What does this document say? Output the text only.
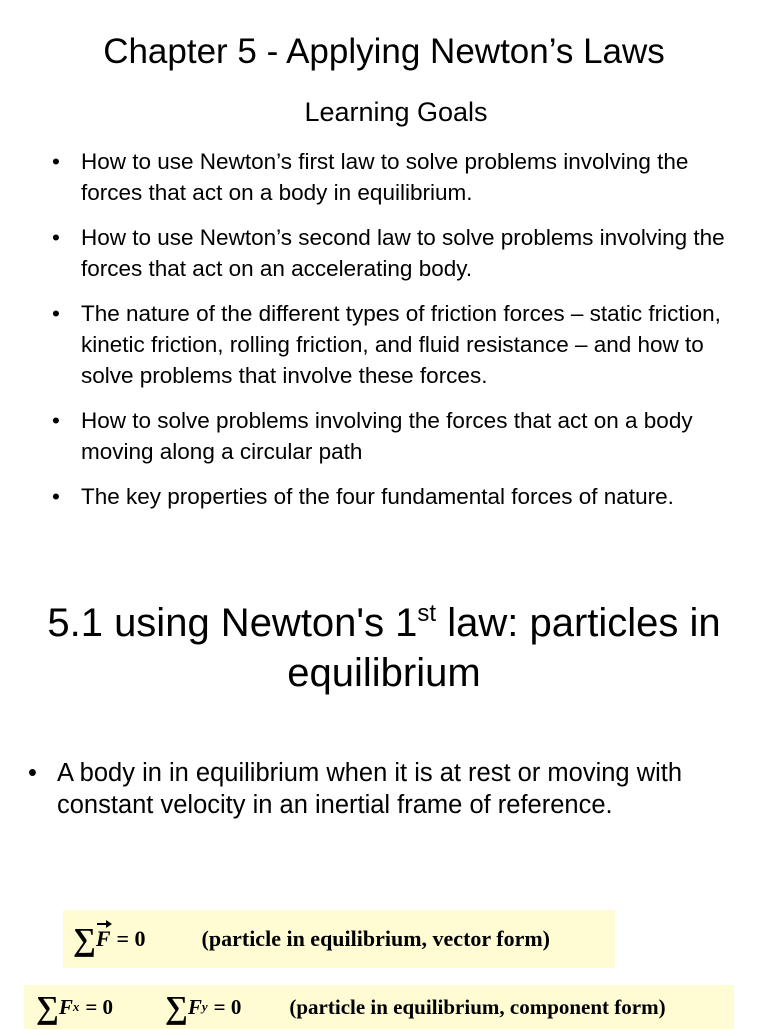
Chapter 5 - Applying Newton’s Laws
Learning Goals
• How to use Newton’s first law to solve problems involving the forces that act on a body in equilibrium.
• How to use Newton’s second law to solve problems involving the forces that act on an accelerating body.
• The nature of the different types of friction forces – static friction, kinetic friction, rolling friction, and fluid resistance – and how to solve problems that involve these forces.
• How to solve problems involving the forces that act on a body moving along a circular path
• The key properties of the four fundamental forces of nature.
5.1 using Newton's 1st law: particles in equilibrium
• A body in in equilibrium when it is at rest or moving with constant velocity in an inertial frame of reference.
∑ F = 0	(particle in equilibrium, vector form)
∑ F x = 0 ∑ F y = 0 (particle in equilibrium, component form)
